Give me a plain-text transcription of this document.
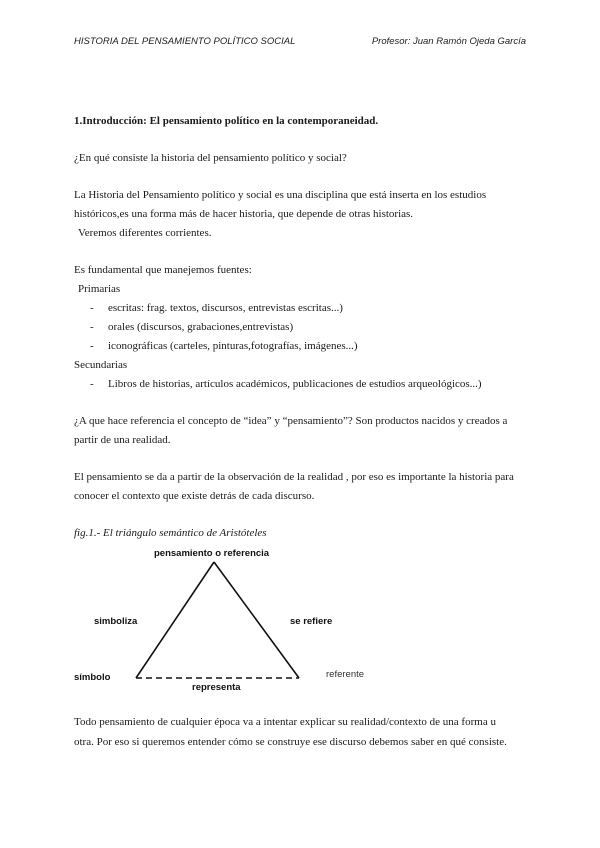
HISTORIA DEL PENSAMIENTO POLÍTICO SOCIAL	Profesor: Juan Ramón Ojeda García

1.Introducción: El pensamiento político en la contemporaneidad.

¿En qué consiste la historia del pensamiento político y social?

La Historia del Pensamiento político y social es una disciplina que está inserta en los estudios

históricos,es una forma más de hacer historia, que depende de otras historias.

Veremos diferentes corrientes.

Es fundamental que manejemos fuentes:

Primarias

- escritas: frag. textos, discursos, entrevistas escritas...)
- orales (discursos, grabaciones,entrevistas)
- iconográficas (carteles, pinturas,fotografías, imágenes...)

Secundarias

- Libros de historias, artículos académicos, publicaciones de estudios arqueológicos...)

¿A que hace referencia el concepto de “idea” y “pensamiento”? Son productos nacidos y creados a

partir de una realidad.

El pensamiento se da a partir de la observación de la realidad , por eso es importante la historia para

conocer el contexto que existe detrás de cada discurso.

fig.1.- El triángulo semántico de Aristóteles

pensamiento o referencia
simboliza	se refiere
símbolo
representa
referente

Todo pensamiento de cualquier época va a intentar explicar su realidad/contexto de una forma u

otra. Por eso si queremos entender cómo se construye ese discurso debemos saber en qué consiste.
